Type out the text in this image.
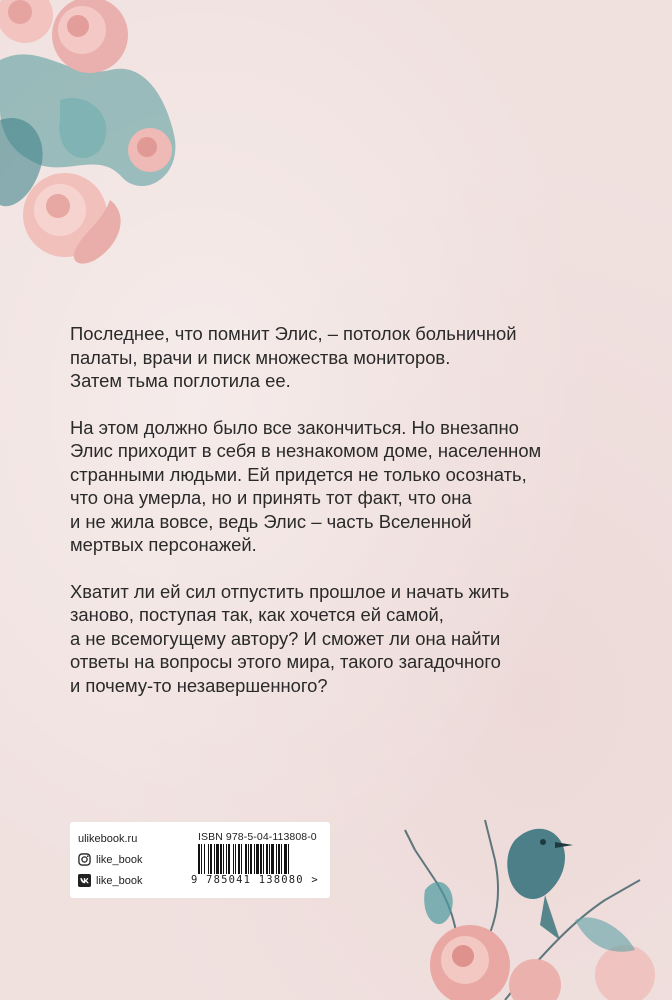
Последнее, что помнит Элис, – потолок больничной
палаты, врачи и писк множества мониторов.
Затем тьма поглотила ее.

На этом должно было все закончиться. Но внезапно
Элис приходит в себя в незнакомом доме, населенном
странными людьми. Ей придется не только осознать,
что она умерла, но и принять тот факт, что она
и не жила вовсе, ведь Элис – часть Вселенной
мертвых персонажей.

Хватит ли ей сил отпустить прошлое и начать жить
заново, поступая так, как хочется ей самой,
а не всемогущему автору? И сможет ли она найти
ответы на вопросы этого мира, такого загадочного
и почему-то незавершенного?

ulikebook.ru
like_book
like_book
ISBN 978-5-04-113808-0
9 785041 138080 >
